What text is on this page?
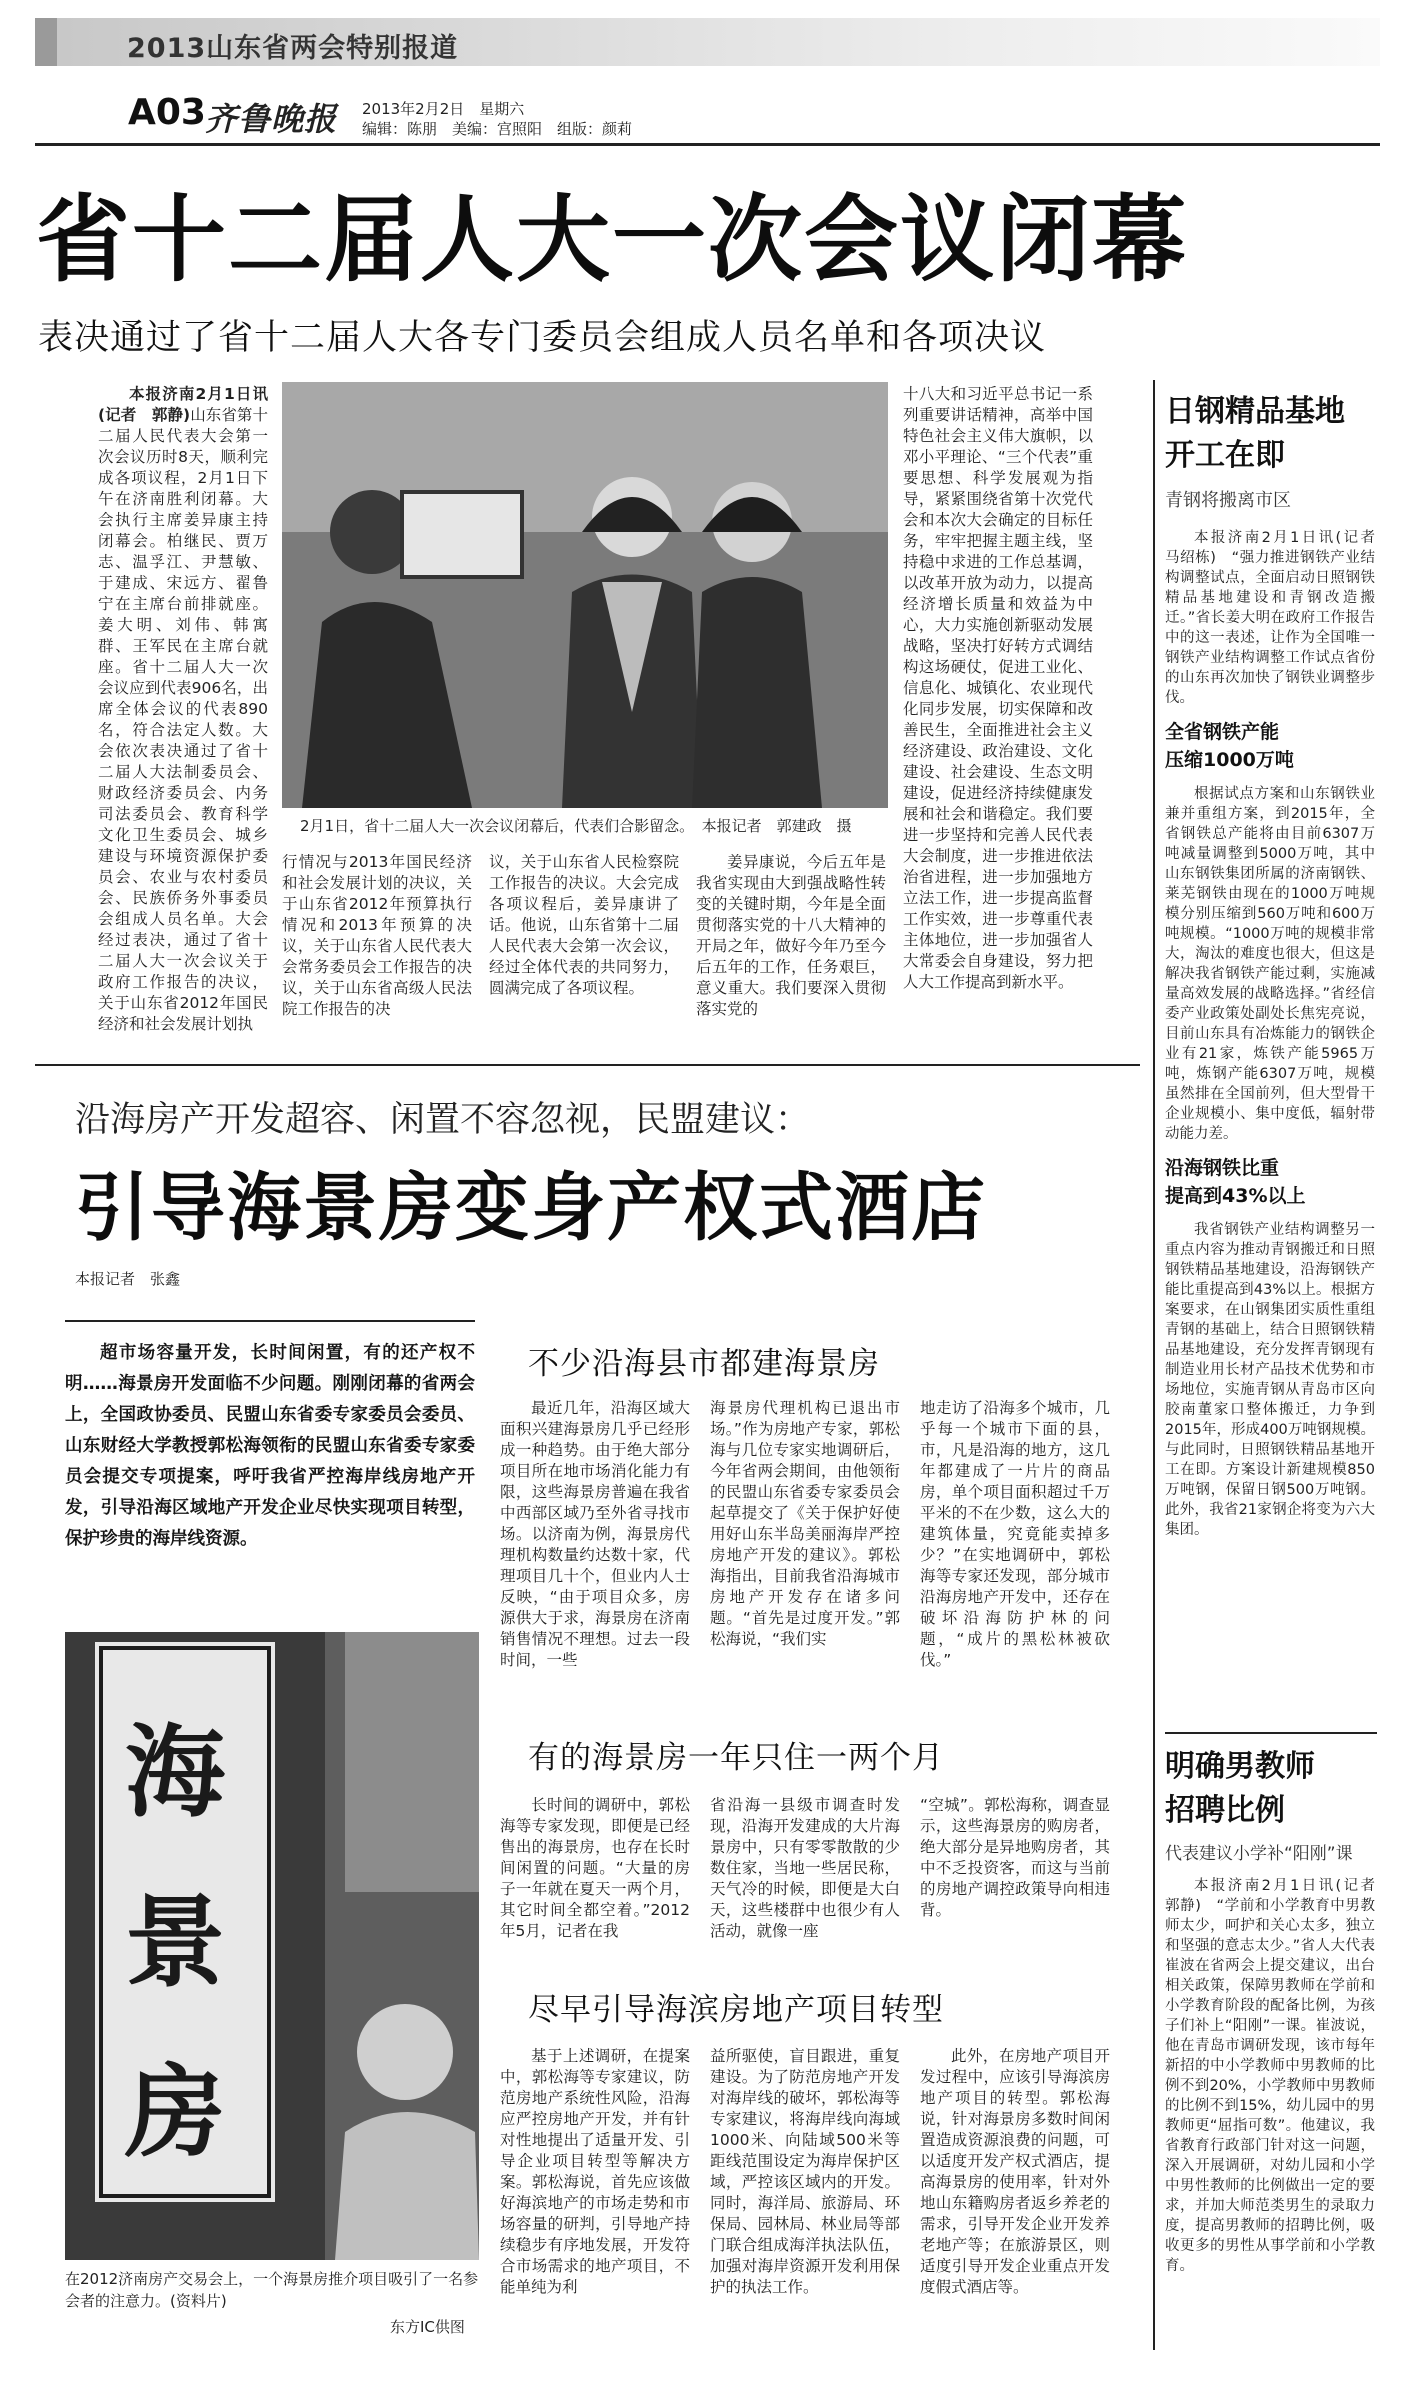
2013山东省两会特别报道
A03 齐鲁晚报 2013年2月2日　星期六
编辑：陈朋　美编：宫照阳　组版：颜莉
省十二届人大一次会议闭幕
表决通过了省十二届人大各专门委员会组成人员名单和各项决议

本报济南2月1日讯(记者　郭静)山东省第十二届人民代表大会第一次会议历时8天，顺利完成各项议程，2月1日下午在济南胜利闭幕。大会执行主席姜异康主持闭幕会。柏继民、贾万志、温孚江、尹慧敏、于建成、宋远方、翟鲁宁在主席台前排就座。姜大明、刘伟、韩寓群、王军民在主席台就座。省十二届人大一次会议应到代表906名，出席全体会议的代表890名，符合法定人数。大会依次表决通过了省十二届人大法制委员会、财政经济委员会、内务司法委员会、教育科学文化卫生委员会、城乡建设与环境资源保护委员会、农业与农村委员会、民族侨务外事委员会组成人员名单。大会经过表决，通过了省十二届人大一次会议关于政府工作报告的决议，关于山东省2012年国民经济和社会发展计划执

2月1日，省十二届人大一次会议闭幕后，代表们合影留念。　本报记者　郭建政　摄

行情况与2013年国民经济和社会发展计划的决议，关于山东省2012年预算执行情况和2013年预算的决议，关于山东省人民代表大会常务委员会工作报告的决议，关于山东省高级人民法院工作报告的决

议，关于山东省人民检察院工作报告的决议。大会完成各项议程后，姜异康讲了话。他说，山东省第十二届人民代表大会第一次会议，经过全体代表的共同努力，圆满完成了各项议程。

姜异康说，今后五年是我省实现由大到强战略性转变的关键时期，今年是全面贯彻落实党的十八大精神的开局之年，做好今年乃至今后五年的工作，任务艰巨，意义重大。我们要深入贯彻落实党的

十八大和习近平总书记一系列重要讲话精神，高举中国特色社会主义伟大旗帜，以邓小平理论、“三个代表”重要思想、科学发展观为指导，紧紧围绕省第十次党代会和本次大会确定的目标任务，牢牢把握主题主线，坚持稳中求进的工作总基调，以改革开放为动力，以提高经济增长质量和效益为中心，大力实施创新驱动发展战略，坚决打好转方式调结构这场硬仗，促进工业化、信息化、城镇化、农业现代化同步发展，切实保障和改善民生，全面推进社会主义经济建设、政治建设、文化建设、社会建设、生态文明建设，促进经济持续健康发展和社会和谐稳定。我们要进一步坚持和完善人民代表大会制度，进一步推进依法治省进程，进一步加强地方立法工作，进一步提高监督工作实效，进一步尊重代表主体地位，进一步加强省人大常委会自身建设，努力把人大工作提高到新水平。

日钢精品基地
开工在即
青钢将搬离市区

本报济南2月1日讯(记者　马绍栋)　“强力推进钢铁产业结构调整试点，全面启动日照钢铁精品基地建设和青钢改造搬迁。”省长姜大明在政府工作报告中的这一表述，让作为全国唯一钢铁产业结构调整工作试点省份的山东再次加快了钢铁业调整步伐。

全省钢铁产能
压缩1000万吨

根据试点方案和山东钢铁业兼并重组方案，到2015年，全省钢铁总产能将由目前6307万吨减量调整到5000万吨，其中山东钢铁集团所属的济南钢铁、莱芜钢铁由现在的1000万吨规模分别压缩到560万吨和600万吨规模。“1000万吨的规模非常大，淘汰的难度也很大，但这是解决我省钢铁产能过剩，实施减量高效发展的战略选择。”省经信委产业政策处副处长焦宪亮说，目前山东具有冶炼能力的钢铁企业有21家，炼铁产能5965万吨，炼钢产能6307万吨，规模虽然排在全国前列，但大型骨干企业规模小、集中度低，辐射带动能力差。

沿海钢铁比重
提高到43%以上

我省钢铁产业结构调整另一重点内容为推动青钢搬迁和日照钢铁精品基地建设，沿海钢铁产能比重提高到43%以上。根据方案要求，在山钢集团实质性重组青钢的基础上，结合日照钢铁精品基地建设，充分发挥青钢现有制造业用长材产品技术优势和市场地位，实施青钢从青岛市区向胶南董家口整体搬迁，力争到2015年，形成400万吨钢规模。与此同时，日照钢铁精品基地开工在即。方案设计新建规模850万吨钢，保留日钢500万吨钢。此外，我省21家钢企将变为六大集团。

明确男教师
招聘比例
代表建议小学补“阳刚”课

本报济南2月1日讯(记者　郭静)　“学前和小学教育中男教师太少，呵护和关心太多，独立和坚强的意志太少。”省人大代表崔波在省两会上提交建议，出台相关政策，保障男教师在学前和小学教育阶段的配备比例，为孩子们补上“阳刚”一课。崔波说，他在青岛市调研发现，该市每年新招的中小学教师中男教师的比例不到20%，小学教师中男教师的比例不到15%，幼儿园中的男教师更“屈指可数”。他建议，我省教育行政部门针对这一问题，深入开展调研，对幼儿园和小学中男性教师的比例做出一定的要求，并加大师范类男生的录取力度，提高男教师的招聘比例，吸收更多的男性从事学前和小学教育。

沿海房产开发超容、闲置不容忽视，民盟建议：
引导海景房变身产权式酒店
本报记者　张鑫

超市场容量开发，长时间闲置，有的还产权不明……海景房开发面临不少问题。刚刚闭幕的省两会上，全国政协委员、民盟山东省委专家委员会委员、山东财经大学教授郭松海领衔的民盟山东省委专家委员会提交专项提案，呼吁我省严控海岸线房地产开发，引导沿海区域地产开发企业尽快实现项目转型，保护珍贵的海岸线资源。

海
景
房
在2012济南房产交易会上，一个海景房推介项目吸引了一名参会者的注意力。(资料片)
东方IC供图
不少沿海县市都建海景房

最近几年，沿海区域大面积兴建海景房几乎已经形成一种趋势。由于绝大部分项目所在地市场消化能力有限，这些海景房普遍在我省中西部区域乃至外省寻找市场。以济南为例，海景房代理机构数量约达数十家，代理项目几十个，但业内人士反映，“由于项目众多，房源供大于求，海景房在济南销售情况不理想。过去一段时间，一些

海景房代理机构已退出市场。”作为房地产专家，郭松海与几位专家实地调研后，今年省两会期间，由他领衔的民盟山东省委专家委员会起草提交了《关于保护好使用好山东半岛美丽海岸严控房地产开发的建议》。郭松海指出，目前我省沿海城市房地产开发存在诸多问题。“首先是过度开发。”郭松海说，“我们实

地走访了沿海多个城市，几乎每一个城市下面的县，市，凡是沿海的地方，这几年都建成了一片片的商品房，单个项目面积超过千万平米的不在少数，这么大的建筑体量，究竟能卖掉多少？”在实地调研中，郭松海等专家还发现，部分城市沿海房地产开发中，还存在破坏沿海防护林的问题，“成片的黑松林被砍伐。”

有的海景房一年只住一两个月

长时间的调研中，郭松海等专家发现，即便是已经售出的海景房，也存在长时间闲置的问题。“大量的房子一年就在夏天一两个月，其它时间全都空着。”2012年5月，记者在我

省沿海一县级市调查时发现，沿海开发建成的大片海景房中，只有零零散散的少数住家，当地一些居民称，天气冷的时候，即便是大白天，这些楼群中也很少有人活动，就像一座

“空城”。郭松海称，调查显示，这些海景房的购房者，绝大部分是异地购房者，其中不乏投资客，而这与当前的房地产调控政策导向相违背。

尽早引导海滨房地产项目转型

基于上述调研，在提案中，郭松海等专家建议，防范房地产系统性风险，沿海应严控房地产开发，并有针对性地提出了适量开发、引导企业项目转型等解决方案。郭松海说，首先应该做好海滨地产的市场走势和市场容量的研判，引导地产持续稳步有序地发展，开发符合市场需求的地产项目，不能单纯为利

益所驱使，盲目跟进，重复建设。为了防范房地产开发对海岸线的破坏，郭松海等专家建议，将海岸线向海域1000米、向陆域500米等距线范围设定为海岸保护区域，严控该区域内的开发。同时，海洋局、旅游局、环保局、园林局、林业局等部门联合组成海洋执法队伍，加强对海岸资源开发利用保护的执法工作。

此外，在房地产项目开发过程中，应该引导海滨房地产项目的转型。郭松海说，针对海景房多数时间闲置造成资源浪费的问题，可以适度开发产权式酒店，提高海景房的使用率，针对外地山东籍购房者返乡养老的需求，引导开发企业开发养老地产等；在旅游景区，则适度引导开发企业重点开发度假式酒店等。
